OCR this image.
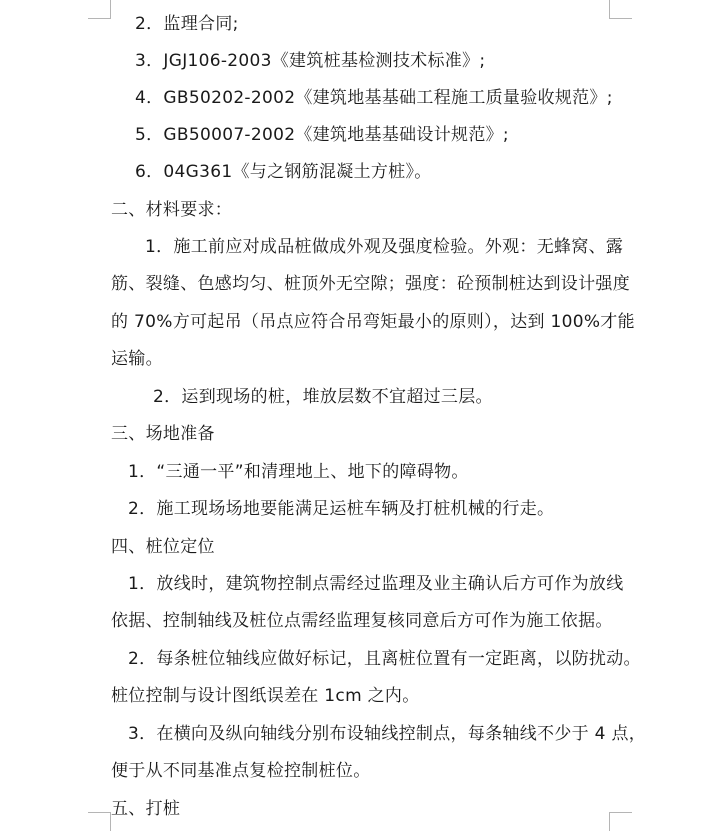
2．监理合同;
3．JGJ106-2003《建筑桩基检测技术标准》;
4．GB50202-2002《建筑地基基础工程施工质量验收规范》;
5．GB50007-2002《建筑地基基础设计规范》;
6．04G361《与之钢筋混凝土方桩》。
二、材料要求：
1．施工前应对成品桩做成外观及强度检验。外观：无蜂窝、露
筋、裂缝、色感均匀、桩顶外无空隙；强度：砼预制桩达到设计强度
的 70%方可起吊（吊点应符合吊弯矩最小的原则），达到 100%才能
运输。
2．运到现场的桩，堆放层数不宜超过三层。
三、场地准备
1．“三通一平”和清理地上、地下的障碍物。
2．施工现场场地要能满足运桩车辆及打桩机械的行走。
四、桩位定位
1．放线时，建筑物控制点需经过监理及业主确认后方可作为放线
依据、控制轴线及桩位点需经监理复核同意后方可作为施工依据。
2．每条桩位轴线应做好标记，且离桩位置有一定距离，以防扰动。
桩位控制与设计图纸误差在 1cm 之内。
3．在横向及纵向轴线分别布设轴线控制点，每条轴线不少于 4 点，
便于从不同基准点复检控制桩位。
五、打桩
